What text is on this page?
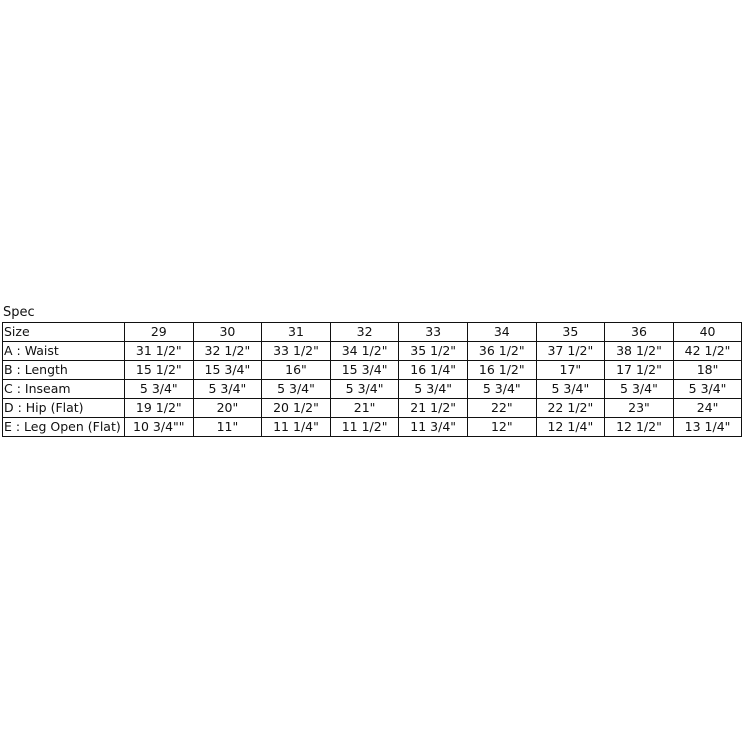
Spec
Size	29	30	31	32	33	34	35	36	40
A : Waist	31 1/2"	32 1/2"	33 1/2"	34 1/2"	35 1/2"	36 1/2"	37 1/2"	38 1/2"	42 1/2"
B : Length	15 1/2"	15 3/4"	16"	15 3/4"	16 1/4"	16 1/2"	17"	17 1/2"	18"
C : Inseam	5 3/4"	5 3/4"	5 3/4"	5 3/4"	5 3/4"	5 3/4"	5 3/4"	5 3/4"	5 3/4"
D : Hip (Flat)	19 1/2"	20"	20 1/2"	21"	21 1/2"	22"	22 1/2"	23"	24"
E : Leg Open (Flat)	10 3/4""	11"	11 1/4"	11 1/2"	11 3/4"	12"	12 1/4"	12 1/2"	13 1/4"
